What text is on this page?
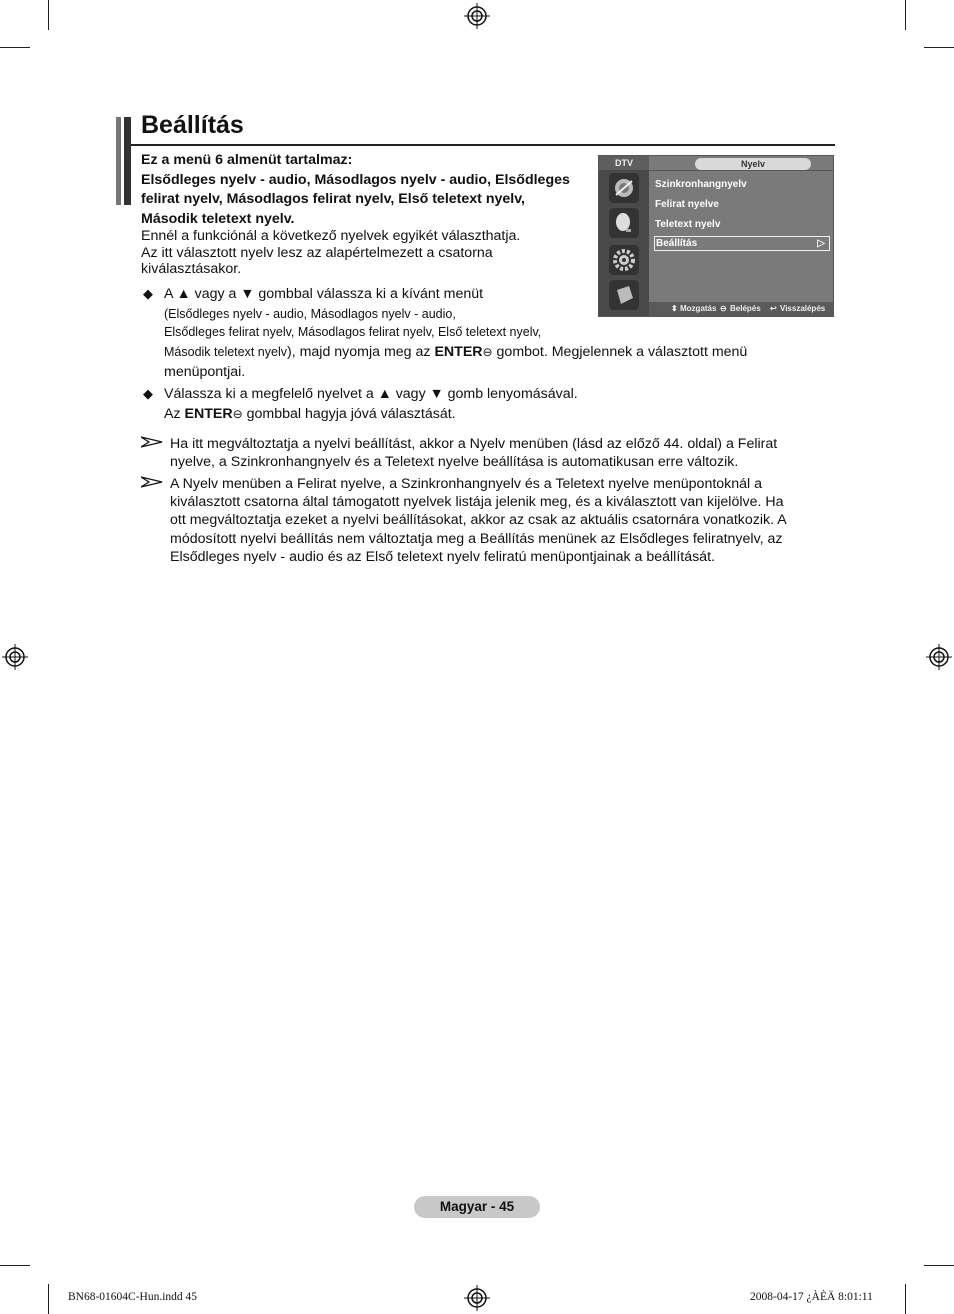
Beállítás
Ez a menü 6 almenüt tartalmaz:
Elsődleges nyelv - audio, Másodlagos nyelv - audio, Elsődleges
felirat nyelv, Másodlagos felirat nyelv, Első teletext nyelv,
Második teletext nyelv.
Ennél a funkciónál a következő nyelvek egyikét választhatja.
Az itt választott nyelv lesz az alapértelmezett a csatorna
kiválasztásakor.
DTV	Nyelv
Szinkronhangnyelv
Felirat nyelve
Teletext nyelv
Beállítás	▷
⬍ Mozgatás ⊖ Belépés ↩ Visszalépés
◆ A ▲ vagy a ▼ gombbal válassza ki a kívánt menüt
(Elsődleges nyelv - audio, Másodlagos nyelv - audio,
Elsődleges felirat nyelv, Másodlagos felirat nyelv, Első teletext nyelv,
Második teletext nyelv), majd nyomja meg az ENTER⊖ gombot. Megjelennek a választott menü
menüpontjai.
◆ Válassza ki a megfelelő nyelvet a ▲ vagy ▼ gomb lenyomásával.
Az ENTER⊖ gombbal hagyja jóvá választását.
Ha itt megváltoztatja a nyelvi beállítást, akkor a Nyelv menüben (lásd az előző 44. oldal) a Felirat
nyelve, a Szinkronhangnyelv és a Teletext nyelve beállítása is automatikusan erre változik.
A Nyelv menüben a Felirat nyelve, a Szinkronhangnyelv és a Teletext nyelve menüpontoknál a
kiválasztott csatorna által támogatott nyelvek listája jelenik meg, és a kiválasztott van kijelölve. Ha
ott megváltoztatja ezeket a nyelvi beállításokat, akkor az csak az aktuális csatornára vonatkozik. A
módosított nyelvi beállítás nem változtatja meg a Beállítás menünek az Elsődleges feliratnyelv, az
Elsődleges nyelv - audio és az Első teletext nyelv feliratú menüpontjainak a beállítását.
Magyar - 45
BN68-01604C-Hun.indd 45	2008-04-17 ¿ÀÈÄ 8:01:11
